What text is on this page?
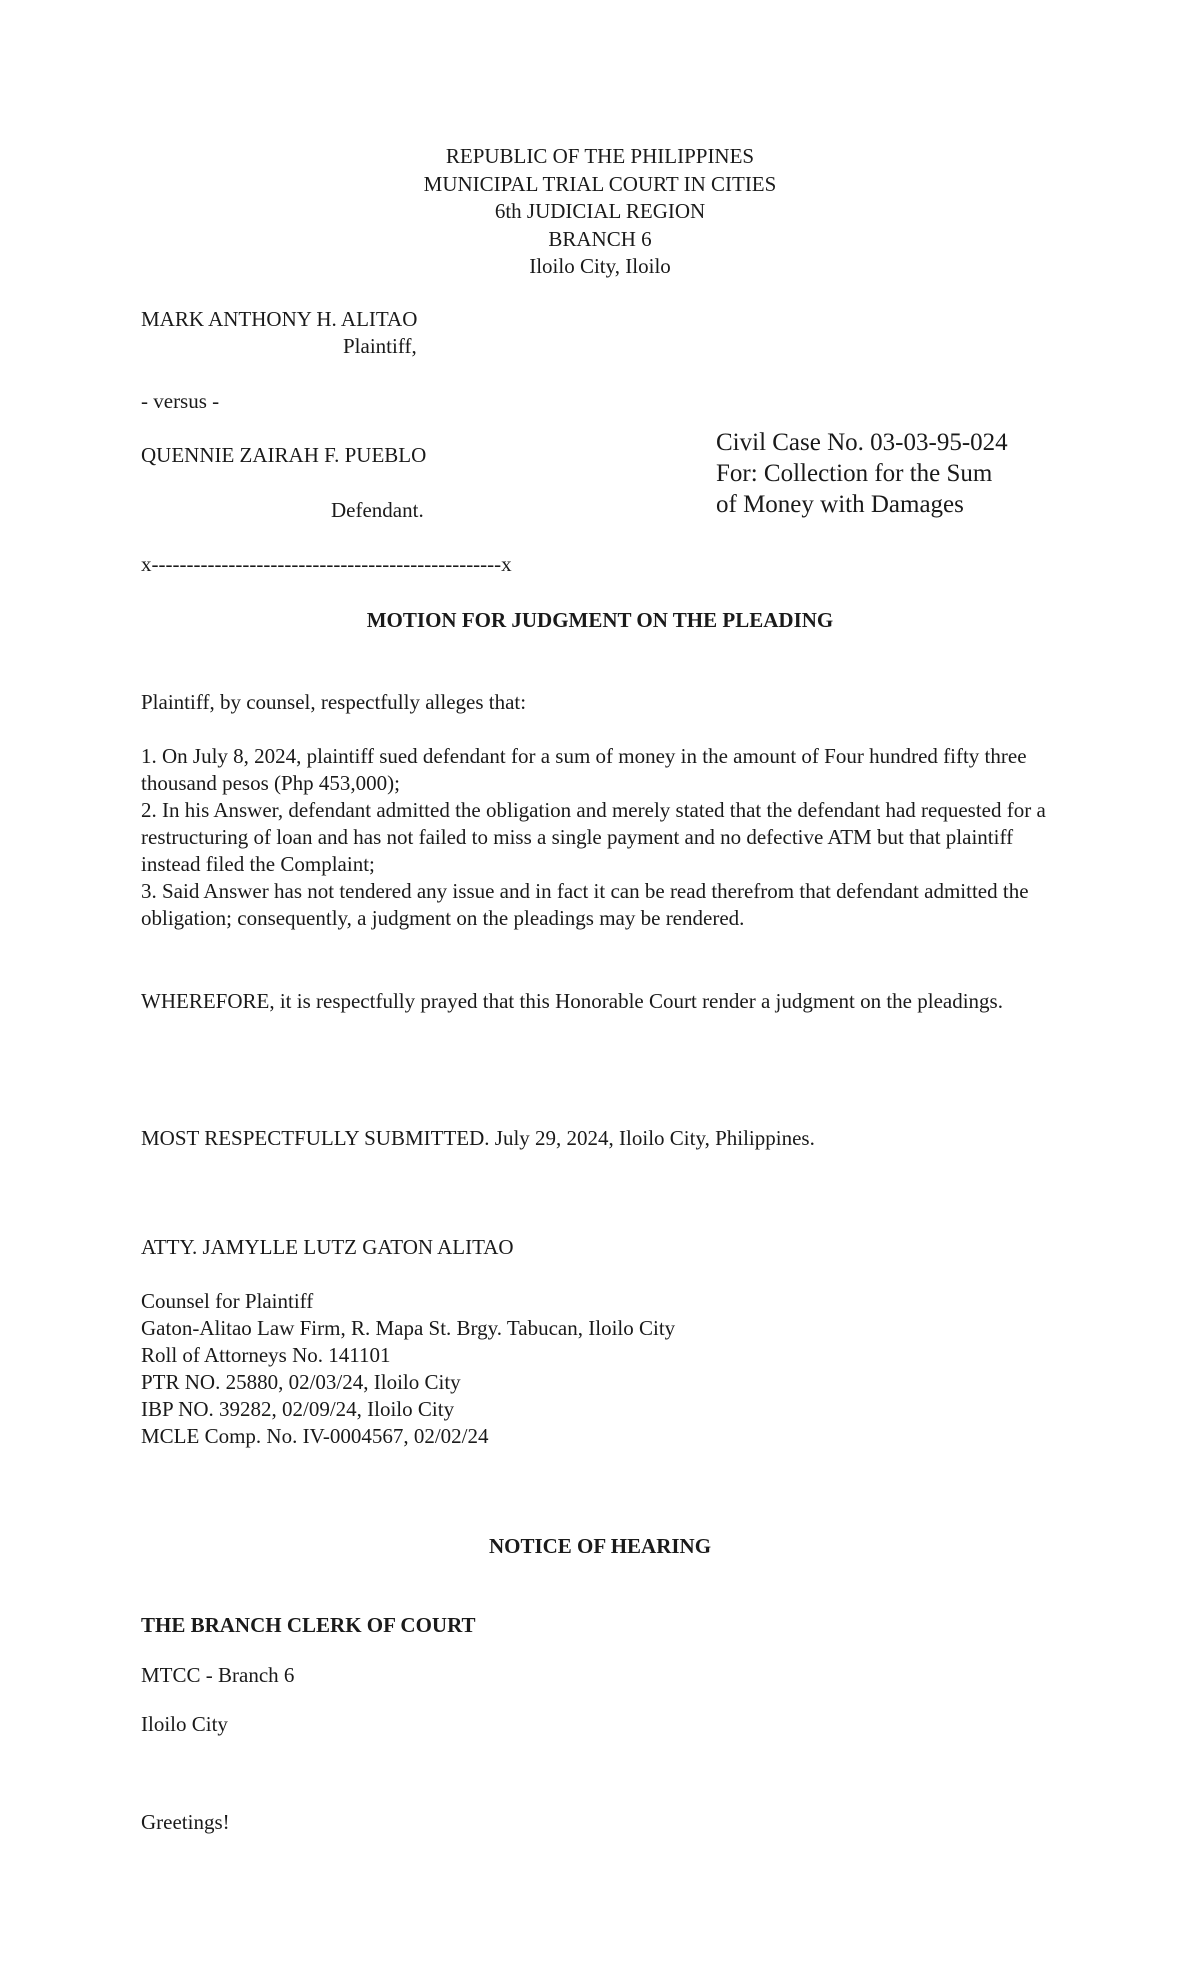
REPUBLIC OF THE PHILIPPINES
MUNICIPAL TRIAL COURT IN CITIES
6th JUDICIAL REGION
BRANCH 6
Iloilo City, Iloilo
MARK ANTHONY H. ALITAO
Plaintiff,
- versus -
QUENNIE ZAIRAH F. PUEBLO
Defendant.
Civil Case No. 03-03-95-024
For: Collection for the Sum
of Money with Damages
x--------------------------------------------------x
MOTION FOR JUDGMENT ON THE PLEADING
Plaintiff, by counsel, respectfully alleges that:
1. On July 8, 2024, plaintiff sued defendant for a sum of money in the amount of Four hundred fifty three thousand pesos (Php 453,000);
2. In his Answer, defendant admitted the obligation and merely stated that the defendant had requested for a restructuring of loan and has not failed to miss a single payment and no defective ATM but that plaintiff instead filed the Complaint;
3. Said Answer has not tendered any issue and in fact it can be read therefrom that defendant admitted the obligation; consequently, a judgment on the pleadings may be rendered.
WHEREFORE, it is respectfully prayed that this Honorable Court render a judgment on the pleadings.
MOST RESPECTFULLY SUBMITTED. July 29, 2024, Iloilo City, Philippines.
ATTY. JAMYLLE LUTZ GATON ALITAO
Counsel for Plaintiff
Gaton-Alitao Law Firm, R. Mapa St. Brgy. Tabucan, Iloilo City
Roll of Attorneys No. 141101
PTR NO. 25880, 02/03/24, Iloilo City
IBP NO. 39282, 02/09/24, Iloilo City
MCLE Comp. No. IV-0004567, 02/02/24
NOTICE OF HEARING
THE BRANCH CLERK OF COURT
MTCC - Branch 6
Iloilo City
Greetings!
